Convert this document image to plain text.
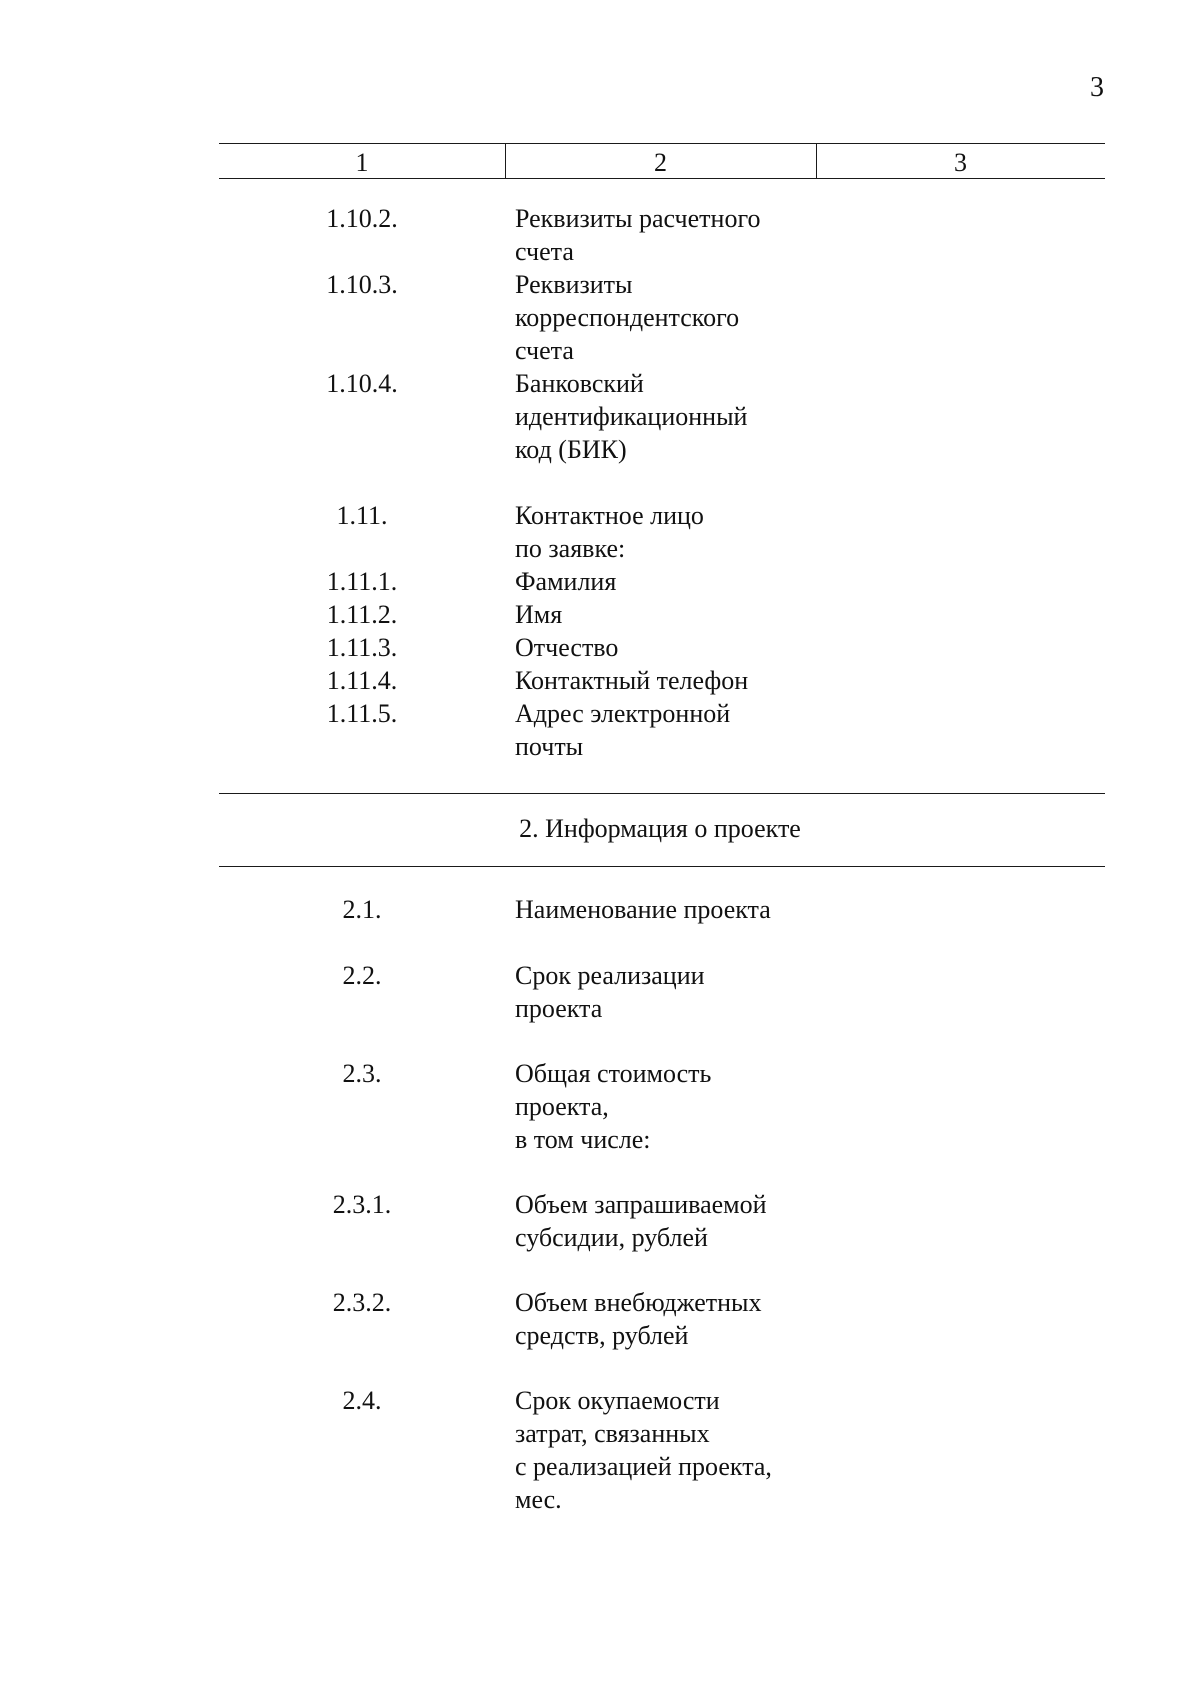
3
1	2	3
1.10.2.	Реквизиты расчетного
счета
1.10.3.	Реквизиты
корреспондентского
счета
1.10.4.	Банковский
идентификационный
код (БИК)
1.11.	Контактное лицо
по заявке:
1.11.1.	Фамилия
1.11.2.	Имя
1.11.3.	Отчество
1.11.4.	Контактный телефон
1.11.5.	Адрес электронной
почты
2. Информация о проекте
2.1.	Наименование проекта
2.2.	Срок реализации
проекта
2.3.	Общая стоимость
проекта,
в том числе:
2.3.1.	Объем запрашиваемой
субсидии, рублей
2.3.2.	Объем внебюджетных
средств, рублей
2.4.	Срок окупаемости
затрат, связанных
с реализацией проекта,
мес.
